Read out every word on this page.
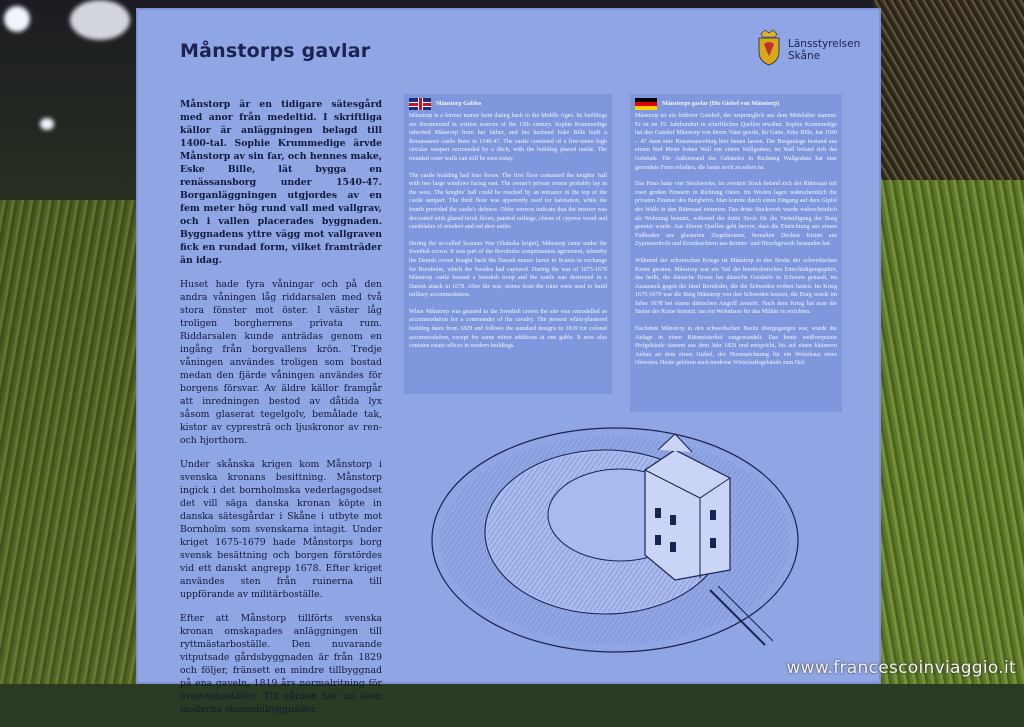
Månstorps gavlar	Länsstyrelsen
Skåne

Månstorp är en tidigare sätesgård med anor från medeltid. I skriftliga källor är anläggningen belagd till 1400-tal. Sophie Krummedige ärvde Månstorp av sin far, och hennes make, Eske Bille, lät bygga en renässansborg under 1540-47. Borganläggningen utgjordes av en fem meter hög rund vall med vallgrav, och i vallen placerades byggnaden. Byggnadens yttre vägg mot vallgraven fick en rundad form, vilket framträder än idag.

Huset hade fyra våningar och på den andra våningen låg riddarsalen med två stora fönster mot öster. I väster låg troligen borgherrens privata rum. Riddarsalen kunde anträdas genom en ingång från borgvallens krön. Tredje våningen användes troligen som bostad medan den fjärde våningen användes för borgens försvar. Av äldre källor framgår att inredningen bestod av dåtida lyx såsom glaserat tegelgolv, bemålade tak, kistor av cypresträ och ljuskronor av ren- och hjorthorn.

Under skånska krigen kom Månstorp i svenska kronans besittning. Månstorp ingick i det bornholmska vederlagsgodset det vill säga danska kronan köpte in danska sätesgårdar i Skåne i utbyte mot Bornholm som svenskarna intagit. Under kriget 1675-1679 hade Månstorps borg svensk besättning och borgen förstördes vid ett danskt angrepp 1678. Efter kriget användes sten från ruinerna till uppförande av militärboställe.

Efter att Månstorp tillförts svenska kronan omskapades anläggningen till ryttmästarboställe. Den nuvarande vitputsade gårdsbyggnaden är från 1829 och följer, fränsett en mindre tillbyggnad på ena gaveln, 1819 års normalritning för överstebostället. Till gården hör nu även moderna ekonomibyggnader.

Månstorp Gables

Månstorp is a former manor farm dating back to the Middle Ages. Its buildings are documented in written sources of the 15th century. Sophie Krummedige inherited Månstorp from her father, and her husband Eske Bille built a Renaissance castle there in 1540-47. The castle consisted of a five-metre high circular rampart surrounded by a ditch, with the building placed inside. The rounded outer walls can still be seen today.

The castle building had four floors. The first floor contained the knights' hall with two large windows facing east. The owner's private rooms probably lay in the west. The knights' hall could be reached by an entrance in the top of the castle rampart. The third floor was apparently used for habitation, while the fourth provided the castle's defence. Older sources indicate that the interior was decorated with glazed brick floors, painted ceilings, chests of cypress wood and candelabra of reindeer and red deer antler.

During the so-called Scanian War (Skånska kriget), Månstorp came under the Swedish crown. It was part of the Bornholm compensation agreement, whereby the Danish crown bought back the Danish manor farms in Scania in exchange for Bornholm, which the Swedes had captured. During the war of 1675-1679 Månstorp castle housed a Swedish troop and the castle was destroyed in a Danish attack in 1678. After the war, stones from the ruins were used to build military accommodation.

When Månstorp was granted to the Swedish crown the site was remodelled as accommodation for a commander of the cavalry. The present white-plastered building dates from 1829 and follows the standard designs in 1819 for colonel accommodation, except for some minor additions at one gable. It now also contains estate offices in modern buildings.

Månstorps gavlar (Die Giebel von Månstorp)

Månstorp ist ein früherer Gutshof, der ursprünglich aus dem Mittelalter stammt. Er ist im 15. Jahrhundert in schriftlichen Quellen erwähnt. Sophie Krummedige hat den Gutshof Månstorp von ihrem Vater geerbt, ihr Gatte, Eske Bille, hat 1540 – 47 dann eine Renaissanceburg hier bauen lassen. Die Burganlage bestand aus einem fünf Meter hohen Wall mit einem Wallgraben, im Wall befand sich das Gebäude. Die Außenwand des Gebäudes in Richtung Wallgraben hat eine gerundete Form erhalten, die heute noch zu sehen ist.

Das Haus hatte vier Stockwerke, im zweiten Stock befand sich der Rittersaal mit zwei großen Fenstern in Richtung Osten. Im Westen lagen wahrscheinlich die privaten Zimmer des Burgherrn. Man konnte durch einen Eingang auf dem Gipfel des Walls in den Rittersaal eintreten. Das dritte Stockwerk wurde wahrscheinlich als Wohnung benutzt, während der dritte Stock für die Verteidigung der Burg genutzt wurde. Aus älteren Quellen geht hervor, dass die Einrichtung aus einem Fußboden aus glasierten Ziegelsteinen, bemalten Decken Kisten aus Zypressenholz und Kronleuchtern aus Rentier- und Hirschgeweih bestanden hat.

Während der schonischen Kriege ist Månstorp in den Besitz der schwedischen Krone geraten. Månstorp war ein Teil der bornholmischen Entschädigungsgüter, das heißt, die dänische Krone hat dänische Gutshöfe in Schonen gekauft, im Austausch gegen die Insel Bornholm, die die Schweden erobert hatten. Im Krieg 1675-1679 war die Burg Månstorp von den Schweden besetzt, die Burg wurde im Jahre 1678 bei einem dänischen Angriff zerstört. Nach dem Krieg hat man die Steine der Ruine benutzt, um ein Wohnhaus für das Militär zu errichten.

Nachdem Månstorp in den schwedischen Besitz übergegangen war, wurde die Anlage in einen Rittmeisterhof umgewandelt. Das heute weißverputzte Hofgebäude stammt aus dem Jahr 1829 und entspricht, bis auf einen kleineren Anbau an dem einen Giebel, der Normzeichnung für ein Wohnhaus eines Obersten. Heute gehören auch moderne Wirtschaftsgebäude zum Hof.

www.francescoinviaggio.it
